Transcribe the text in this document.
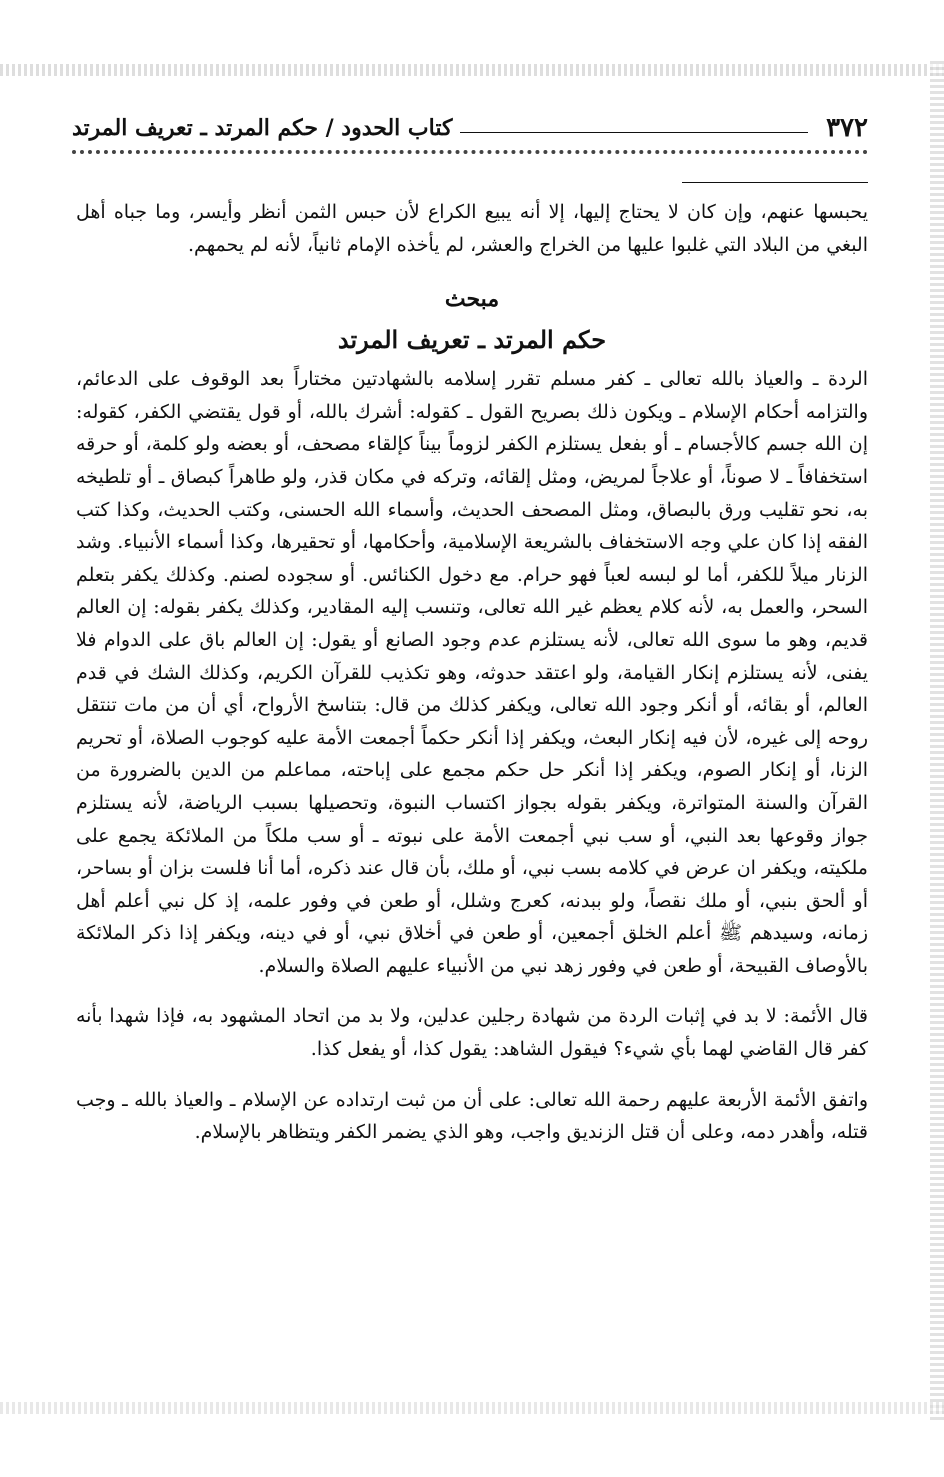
٣٧٢
كتاب الحدود / حكم المرتد ـ تعريف المرتد

يحبسها عنهم، وإن كان لا يحتاج إليها، إلا أنه يبيع الكراع لأن حبس الثمن أنظر وأيسر، وما جباه أهل البغي من البلاد التي غلبوا عليها من الخراج والعشر، لم يأخذه الإمام ثانياً، لأنه لم يحمهم.

مبحث
حكم المرتد ـ تعريف المرتد

الردة ـ والعياذ بالله تعالى ـ كفر مسلم تقرر إسلامه بالشهادتين مختاراً بعد الوقوف على الدعائم، والتزامه أحكام الإسلام ـ ويكون ذلك بصريح القول ـ كقوله: أشرك بالله، أو قول يقتضي الكفر، كقوله: إن الله جسم كالأجسام ـ أو بفعل يستلزم الكفر لزوماً بيناً كإلقاء مصحف، أو بعضه ولو كلمة، أو حرقه استخفافاً ـ لا صوناً، أو علاجاً لمريض، ومثل إلقائه، وتركه في مكان قذر، ولو طاهراً كبصاق ـ أو تلطيخه به، نحو تقليب ورق بالبصاق، ومثل المصحف الحديث، وأسماء الله الحسنى، وكتب الحديث، وكذا كتب الفقه إذا كان علي وجه الاستخفاف بالشريعة الإسلامية، وأحكامها، أو تحقيرها، وكذا أسماء الأنبياء. وشد الزنار ميلاً للكفر، أما لو لبسه لعباً فهو حرام. مع دخول الكنائس. أو سجوده لصنم. وكذلك يكفر بتعلم السحر، والعمل به، لأنه كلام يعظم غير الله تعالى، وتنسب إليه المقادير، وكذلك يكفر بقوله: إن العالم قديم، وهو ما سوى الله تعالى، لأنه يستلزم عدم وجود الصانع أو يقول: إن العالم باق على الدوام فلا يفنى، لأنه يستلزم إنكار القيامة، ولو اعتقد حدوثه، وهو تكذيب للقرآن الكريم، وكذلك الشك في قدم العالم، أو بقائه، أو أنكر وجود الله تعالى، ويكفر كذلك من قال: بتناسخ الأرواح، أي أن من مات تنتقل روحه إلى غيره، لأن فيه إنكار البعث، ويكفر إذا أنكر حكماً أجمعت الأمة عليه كوجوب الصلاة، أو تحريم الزنا، أو إنكار الصوم، ويكفر إذا أنكر حل حكم مجمع على إباحته، مماعلم من الدين بالضرورة من القرآن والسنة المتواترة، ويكفر بقوله بجواز اكتساب النبوة، وتحصيلها بسبب الرياضة، لأنه يستلزم جواز وقوعها بعد النبي، أو سب نبي أجمعت الأمة على نبوته ـ أو سب ملكاً من الملائكة يجمع على ملكيته، ويكفر ان عرض في كلامه بسب نبي، أو ملك، بأن قال عند ذكره، أما أنا فلست بزان أو بساحر، أو ألحق بنبي، أو ملك نقصاً، ولو ببدنه، كعرج وشلل، أو طعن في وفور علمه، إذ كل نبي أعلم أهل زمانه، وسيدهم ﷺ أعلم الخلق أجمعين، أو طعن في أخلاق نبي، أو في دينه، ويكفر إذا ذكر الملائكة بالأوصاف القبيحة، أو طعن في وفور زهد نبي من الأنبياء عليهم الصلاة والسلام.

قال الأئمة: لا بد في إثبات الردة من شهادة رجلين عدلين، ولا بد من اتحاد المشهود به، فإذا شهدا بأنه كفر قال القاضي لهما بأي شيء؟ فيقول الشاهد: يقول كذا، أو يفعل كذا.

واتفق الأئمة الأربعة عليهم رحمة الله تعالى: على أن من ثبت ارتداده عن الإسلام ـ والعياذ بالله ـ وجب قتله، وأهدر دمه، وعلى أن قتل الزنديق واجب، وهو الذي يضمر الكفر ويتظاهر بالإسلام.
